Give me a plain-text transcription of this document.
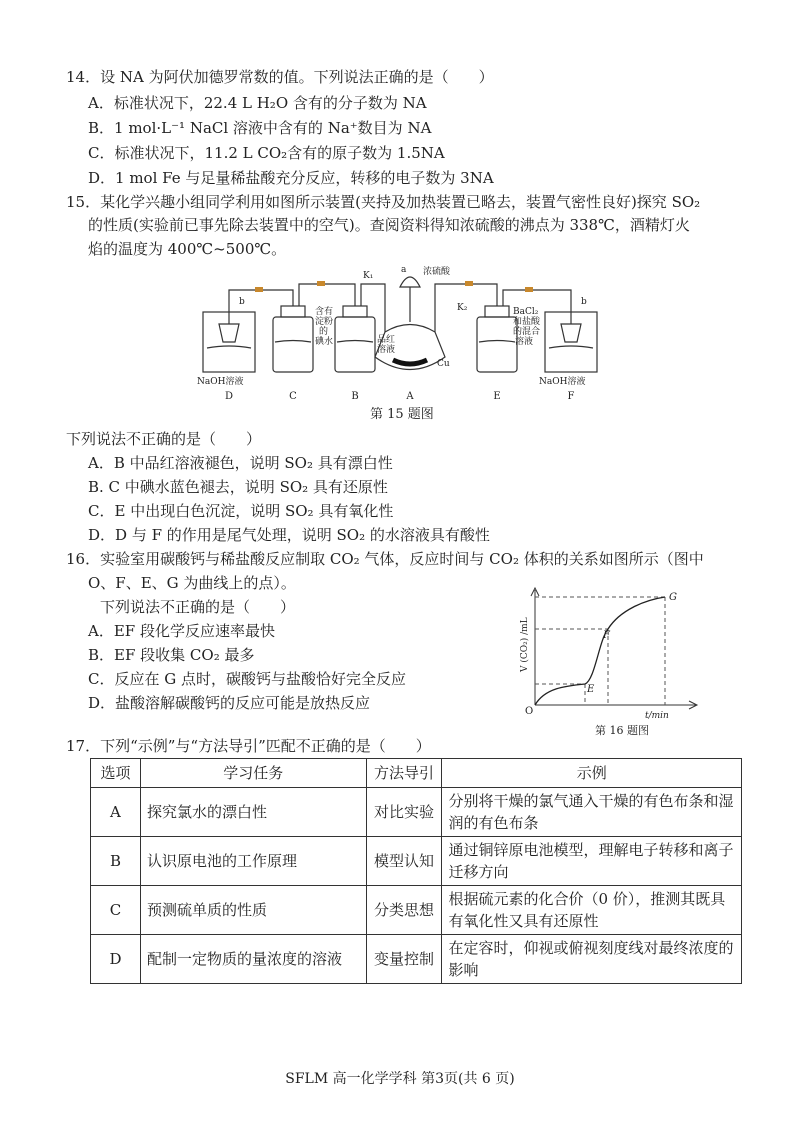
14．设 NA 为阿伏加德罗常数的值。下列说法正确的是（　　）
A．标准状况下，22.4 L H₂O 含有的分子数为 NA
B．1 mol·L⁻¹ NaCl 溶液中含有的 Na⁺数目为 NA
C．标准状况下，11.2 L CO₂含有的原子数为 1.5NA
D．1 mol Fe 与足量稀盐酸充分反应，转移的电子数为 3NA
15．某化学兴趣小组同学利用如图所示装置(夹持及加热装置已略去，装置气密性良好)探究 SO₂
的性质(实验前已事先除去装置中的空气)。查阅资料得知浓硫酸的沸点为 338℃，酒精灯火
焰的温度为 400℃~500℃。
K₁
a 浓硫酸
K₂
b	b
含有
淀粉
的
碘水	品红
溶液
BaCl₂
和盐酸
的混合
溶液
Cu
NaOH溶液	NaOH溶液
D	C	B	A	E	F
第 15 题图
下列说法不正确的是（　　）
A．B 中品红溶液褪色，说明 SO₂ 具有漂白性
B. C 中碘水蓝色褪去，说明 SO₂ 具有还原性
C．E 中出现白色沉淀，说明 SO₂ 具有氧化性
D．D 与 F 的作用是尾气处理，说明 SO₂ 的水溶液具有酸性
16．实验室用碳酸钙与稀盐酸反应制取 CO₂ 气体，反应时间与 CO₂ 体积的关系如图所示（图中
O、F、E、G 为曲线上的点）。
下列说法不正确的是（　　）
A．EF 段化学反应速率最快
B．EF 段收集 CO₂ 最多
C．反应在 G 点时，碳酸钙与盐酸恰好完全反应
D．盐酸溶解碳酸钙的反应可能是放热反应	O
E
F
G
t/min
V (CO₂) /mL
第 16 题图
17．下列“示例”与“方法导引”匹配不正确的是（　　）
选项	学习任务	方法导引	示例
A	探究氯水的漂白性	对比实验	分别将干燥的氯气通入干燥的有色布条和湿润的有色布条
B	认识原电池的工作原理	模型认知	通过铜锌原电池模型，理解电子转移和离子迁移方向
C	预测硫单质的性质	分类思想	根据硫元素的化合价（0 价），推测其既具有氧化性又具有还原性
D	配制一定物质的量浓度的溶液	变量控制	在定容时，仰视或俯视刻度线对最终浓度的影响
SFLM 高一化学学科 第3页(共 6 页)
